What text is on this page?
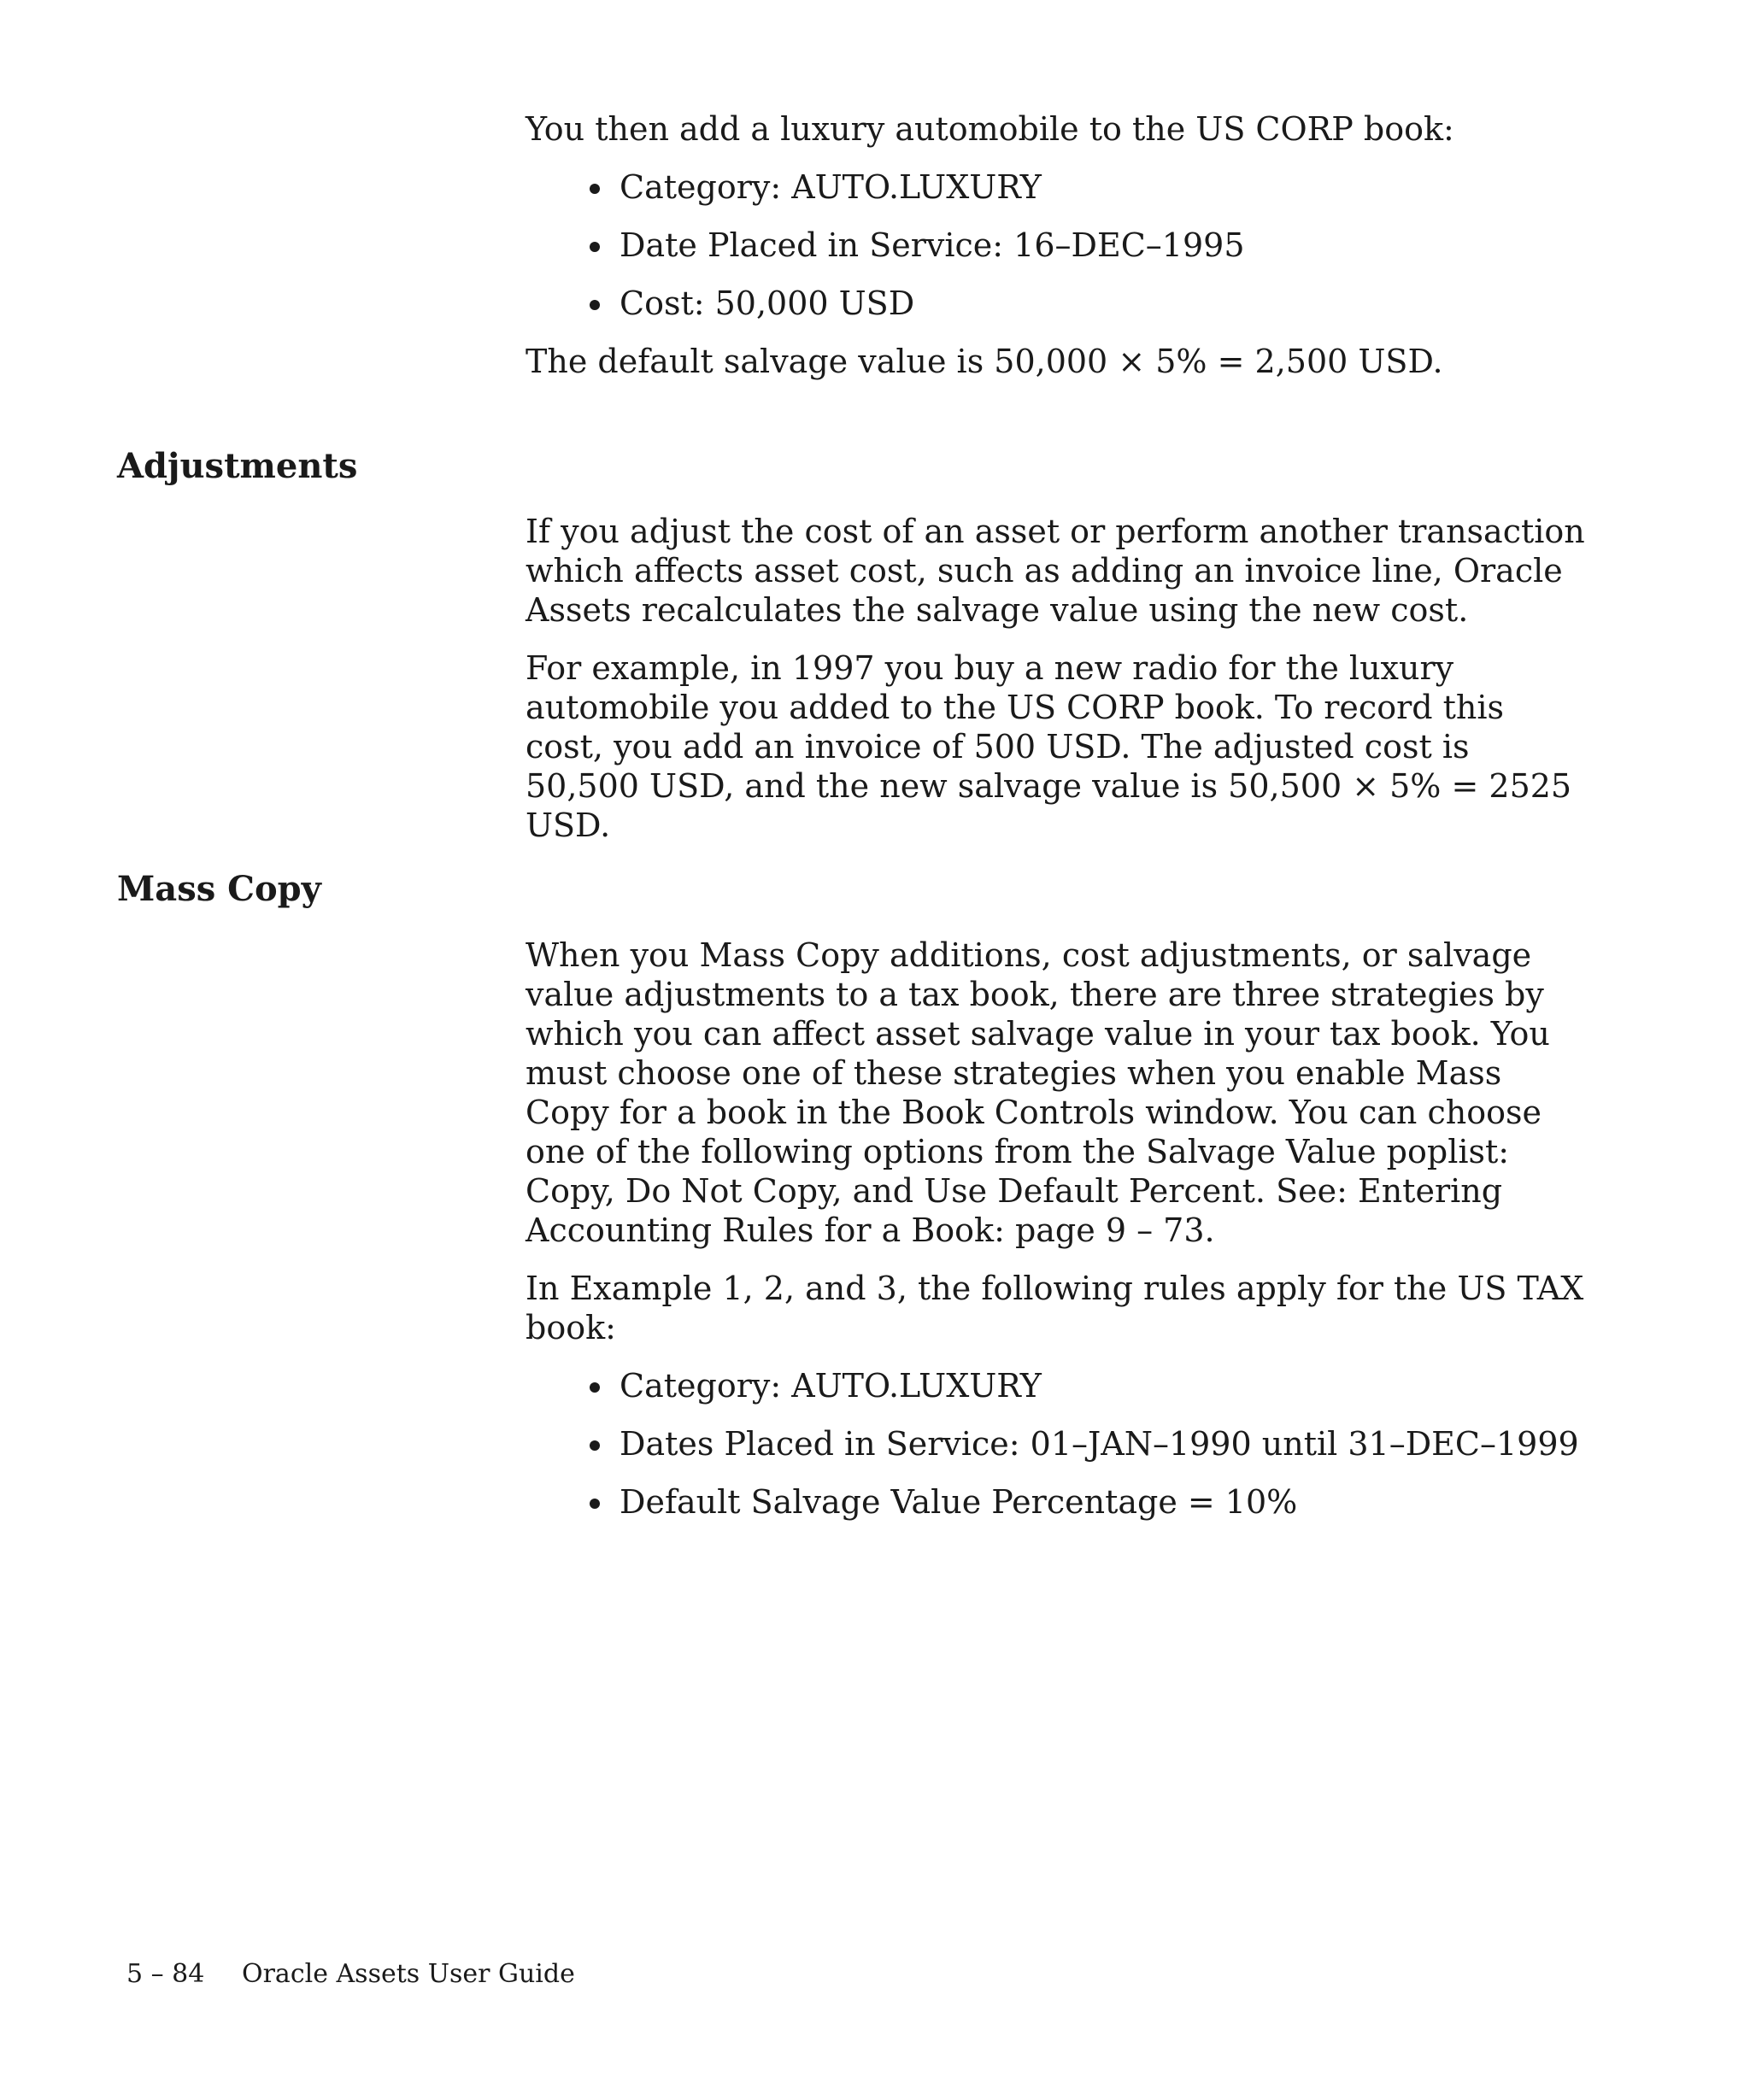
You then add a luxury automobile to the US CORP book:

Category: AUTO.LUXURY
Date Placed in Service: 16–DEC–1995
Cost: 50,000 USD

The default salvage value is 50,000 × 5% = 2,500 USD.

Adjustments

If you adjust the cost of an asset or perform another transaction which affects asset cost, such as adding an invoice line, Oracle Assets recalculates the salvage value using the new cost.

For example, in 1997 you buy a new radio for the luxury automobile you added to the US CORP book. To record this cost, you add an invoice of 500 USD. The adjusted cost is 50,500 USD, and the new salvage value is 50,500 × 5% = 2525 USD.

Mass Copy

When you Mass Copy additions, cost adjustments, or salvage value adjustments to a tax book, there are three strategies by which you can affect asset salvage value in your tax book. You must choose one of these strategies when you enable Mass Copy for a book in the Book Controls window. You can choose one of the following options from the Salvage Value poplist: Copy, Do Not Copy, and Use Default Percent. See: Entering Accounting Rules for a Book: page 9 – 73.

In Example 1, 2, and 3, the following rules apply for the US TAX book:

Category: AUTO.LUXURY
Dates Placed in Service: 01–JAN–1990 until 31–DEC–1999
Default Salvage Value Percentage = 10%
5 – 84 Oracle Assets User Guide
